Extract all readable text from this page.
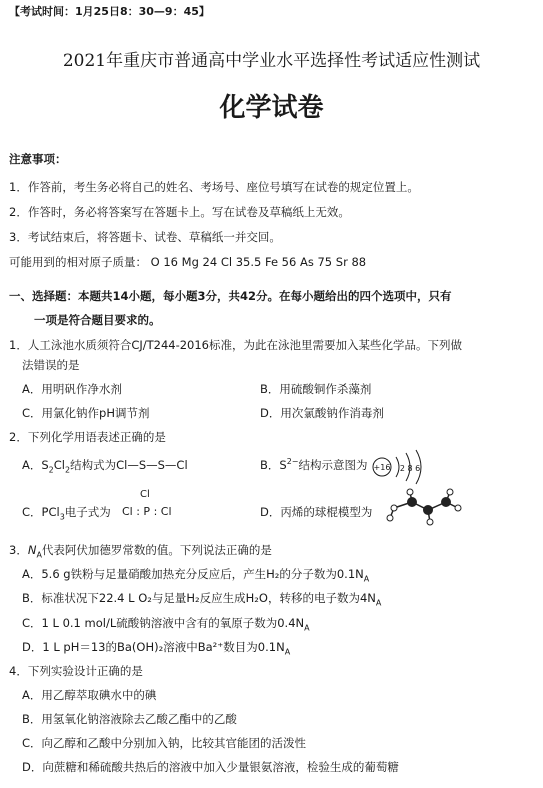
【考试时间：1月25日8：30—9：45】
2021年重庆市普通高中学业水平选择性考试适应性测试
化学试卷
注意事项：
1．作答前，考生务必将自己的姓名、考场号、座位号填写在试卷的规定位置上。
2．作答时，务必将答案写在答题卡上。写在试卷及草稿纸上无效。
3．考试结束后，将答题卡、试卷、草稿纸一并交回。
可能用到的相对原子质量： O 16 Mg 24 Cl 35.5 Fe 56 As 75 Sr 88
一、选择题：本题共14小题，每小题3分，共42分。在每小题给出的四个选项中，只有
一项是符合题目要求的。
1．人工泳池水质须符合CJ/T244-2016标准，为此在泳池里需要加入某些化学品。下列做
法错误的是
A．用明矾作净水剂	B．用硫酸铜作杀藻剂
C．用氯化钠作pH调节剂	D．用次氯酸钠作消毒剂
2．下列化学用语表述正确的是
A．$S_2Cl_2$结构式为Cl—S—S—Cl	B．$S^{2-}$结构示意图为 +16 2 8 6
C．PCl$_3$电子式为
Cl
Cl : P : Cl	D．丙烯的球棍模型为
3．$N_A$代表阿伏加德罗常数的值。下列说法正确的是
A．5.6 g铁粉与足量硝酸加热充分反应后，产生H₂的分子数为$0.1N_A$
B．标准状况下22.4 L O₂与足量H₂反应生成H₂O，转移的电子数为$4N_A$
C．1 L 0.1 mol/L硫酸钠溶液中含有的氧原子数为$0.4N_A$
D．1 L pH＝13的Ba(OH)₂溶液中Ba²⁺数目为$0.1N_A$
4．下列实验设计正确的是
A．用乙醇萃取碘水中的碘
B．用氢氧化钠溶液除去乙酸乙酯中的乙酸
C．向乙醇和乙酸中分别加入钠，比较其官能团的活泼性
D．向蔗糖和稀硫酸共热后的溶液中加入少量银氨溶液，检验生成的葡萄糖
